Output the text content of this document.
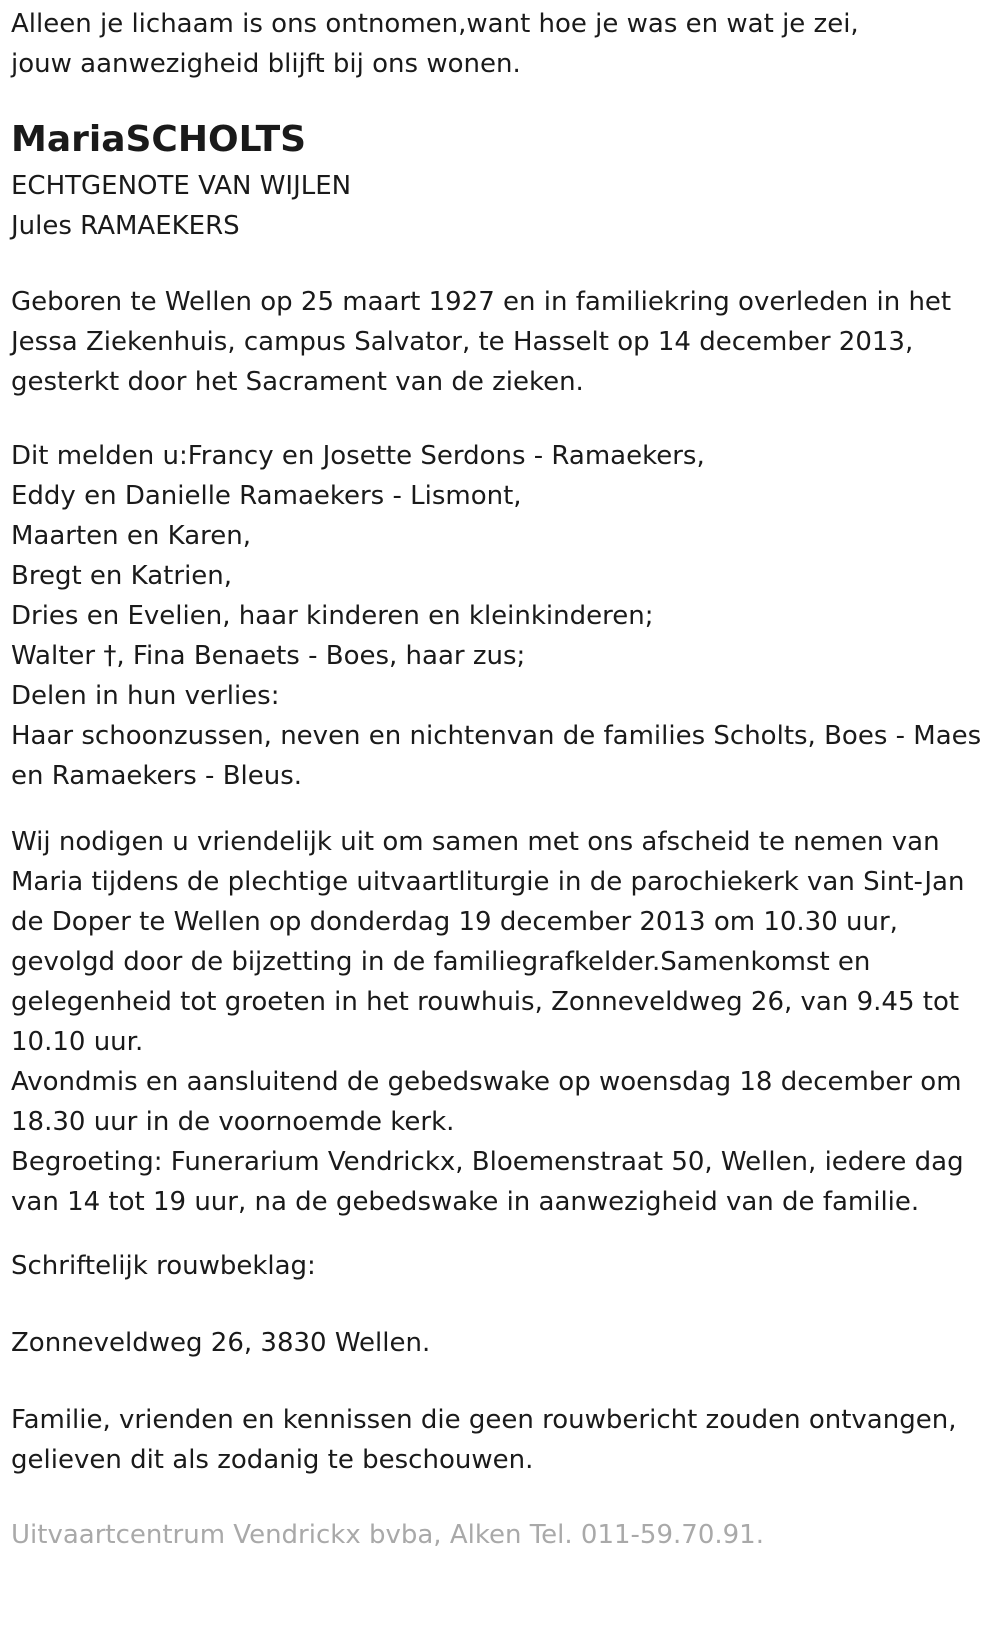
Alleen je lichaam is ons ontnomen,want hoe je was en wat je zei,

jouw aanwezigheid blijft bij ons wonen.

MariaSCHOLTS

ECHTGENOTE VAN WIJLEN

Jules RAMAEKERS

Geboren te Wellen op 25 maart 1927 en in familiekring overleden in het

Jessa Ziekenhuis, campus Salvator, te Hasselt op 14 december 2013,

gesterkt door het Sacrament van de zieken.

Dit melden u:Francy en Josette Serdons - Ramaekers,

Eddy en Danielle Ramaekers - Lismont,

Maarten en Karen,

Bregt en Katrien,

Dries en Evelien, haar kinderen en kleinkinderen;

Walter †, Fina Benaets - Boes, haar zus;

Delen in hun verlies:

Haar schoonzussen, neven en nichtenvan de families Scholts, Boes - Maes

en Ramaekers - Bleus.

Wij nodigen u vriendelijk uit om samen met ons afscheid te nemen van

Maria tijdens de plechtige uitvaartliturgie in de parochiekerk van Sint-Jan

de Doper te Wellen op donderdag 19 december 2013 om 10.30 uur,

gevolgd door de bijzetting in de familiegrafkelder.Samenkomst en

gelegenheid tot groeten in het rouwhuis, Zonneveldweg 26, van 9.45 tot

10.10 uur.

Avondmis en aansluitend de gebedswake op woensdag 18 december om

18.30 uur in de voornoemde kerk.

Begroeting: Funerarium Vendrickx, Bloemenstraat 50, Wellen, iedere dag

van 14 tot 19 uur, na de gebedswake in aanwezigheid van de familie.

Schriftelijk rouwbeklag:

Zonneveldweg 26, 3830 Wellen.

Familie, vrienden en kennissen die geen rouwbericht zouden ontvangen,

gelieven dit als zodanig te beschouwen.

Uitvaartcentrum Vendrickx bvba, Alken Tel. 011-59.70.91.
